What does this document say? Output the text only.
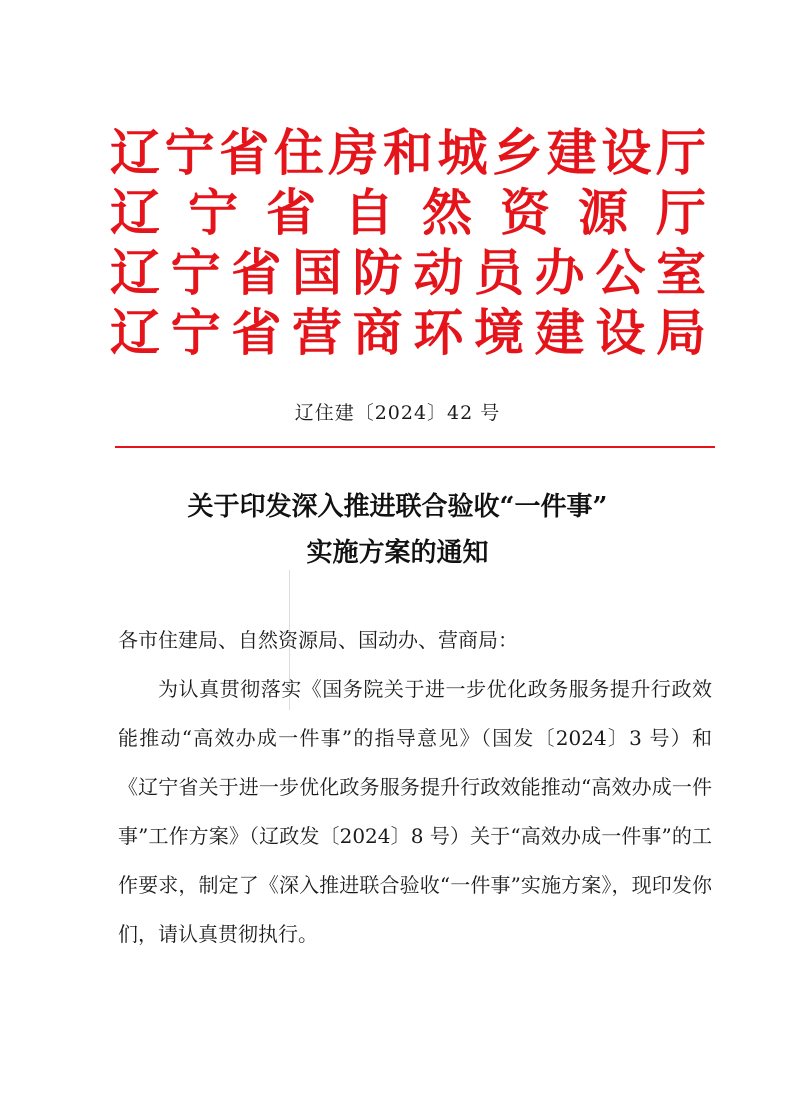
辽宁省住房和城乡建设厅
辽 宁 省 自 然 资 源 厅
辽宁省国防动员办公室
辽宁省营商环境建设局
辽住建〔2024〕42 号
关于印发深入推进联合验收“一件事”
实施方案的通知

各市住建局、自然资源局、国动办、营商局：

为认真贯彻落实《国务院关于进一步优化政务服务提升行政效能推动“高效办成一件事”的指导意见》（国发〔2024〕3 号）和《辽宁省关于进一步优化政务服务提升行政效能推动“高效办成一件事”工作方案》（辽政发〔2024〕8 号）关于“高效办成一件事”的工作要求，制定了《深入推进联合验收“一件事”实施方案》，现印发你们，请认真贯彻执行。
